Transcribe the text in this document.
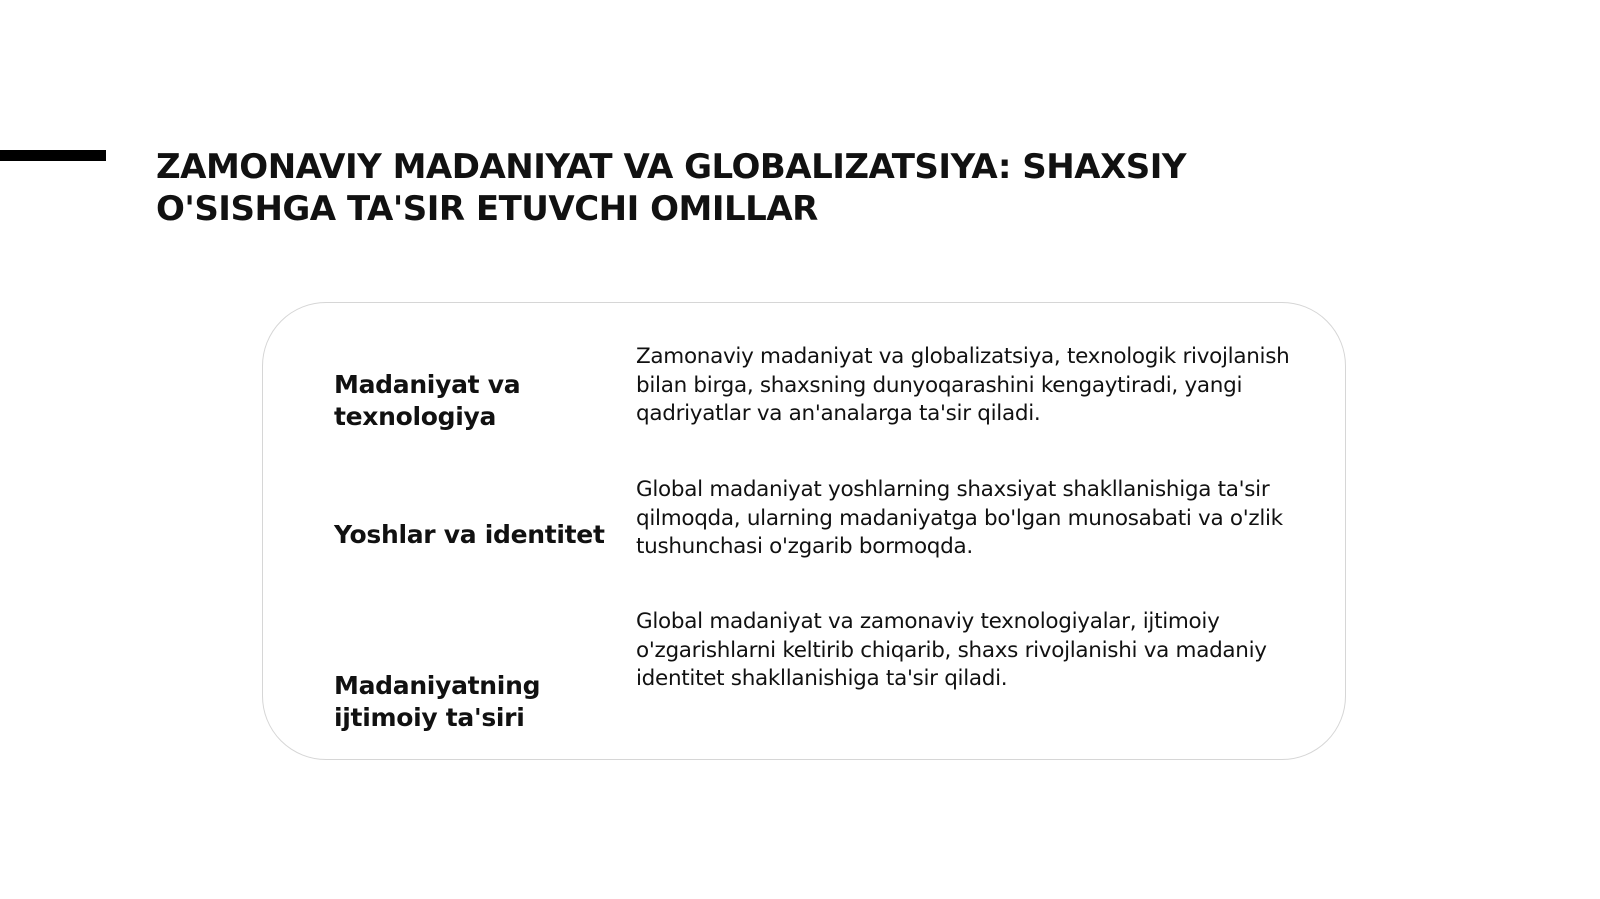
ZAMONAVIY MADANIYAT VA GLOBALIZATSIYA: SHAXSIY O'SISHGA TA'SIR ETUVCHI OMILLAR

Madaniyat va texnologiya

Zamonaviy madaniyat va globalizatsiya, texnologik rivojlanish bilan birga, shaxsning dunyoqarashini kengaytiradi, yangi qadriyatlar va an'analarga ta'sir qiladi.

Yoshlar va identitet

Global madaniyat yoshlarning shaxsiyat shakllanishiga ta'sir qilmoqda, ularning madaniyatga bo'lgan munosabati va o'zlik tushunchasi o'zgarib bormoqda.

Madaniyatning ijtimoiy ta'siri

Global madaniyat va zamonaviy texnologiyalar, ijtimoiy o'zgarishlarni keltirib chiqarib, shaxs rivojlanishi va madaniy identitet shakllanishiga ta'sir qiladi.
